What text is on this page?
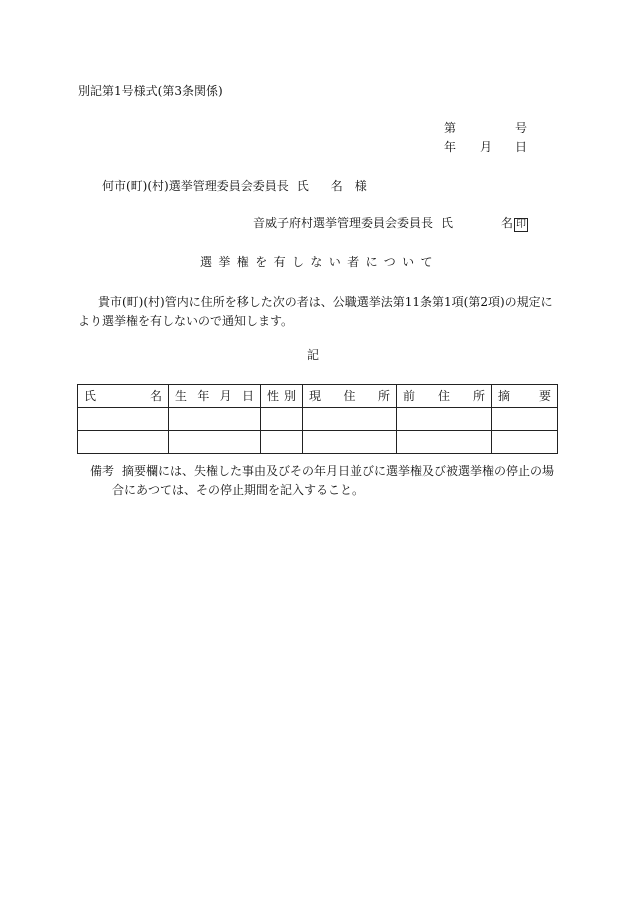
別記第1号様式(第3条関係)
第	号
年 月 日
何市(町)(村)選挙管理委員会委員長 氏 名 様
音威子府村選挙管理委員会委員長 氏	名 印
選挙権を有しない者について
貴市(町)(村)管内に住所を移した次の者は、公職選挙法第11条第1項(第2項)の規定に
より選挙権を有しないので通知します。
記
氏名	生年月日	性別	現住所	前住所	摘要

備考 摘要欄には、失権した事由及びその年月日並びに選挙権及び被選挙権の停止の場
合にあつては、その停止期間を記入すること。
